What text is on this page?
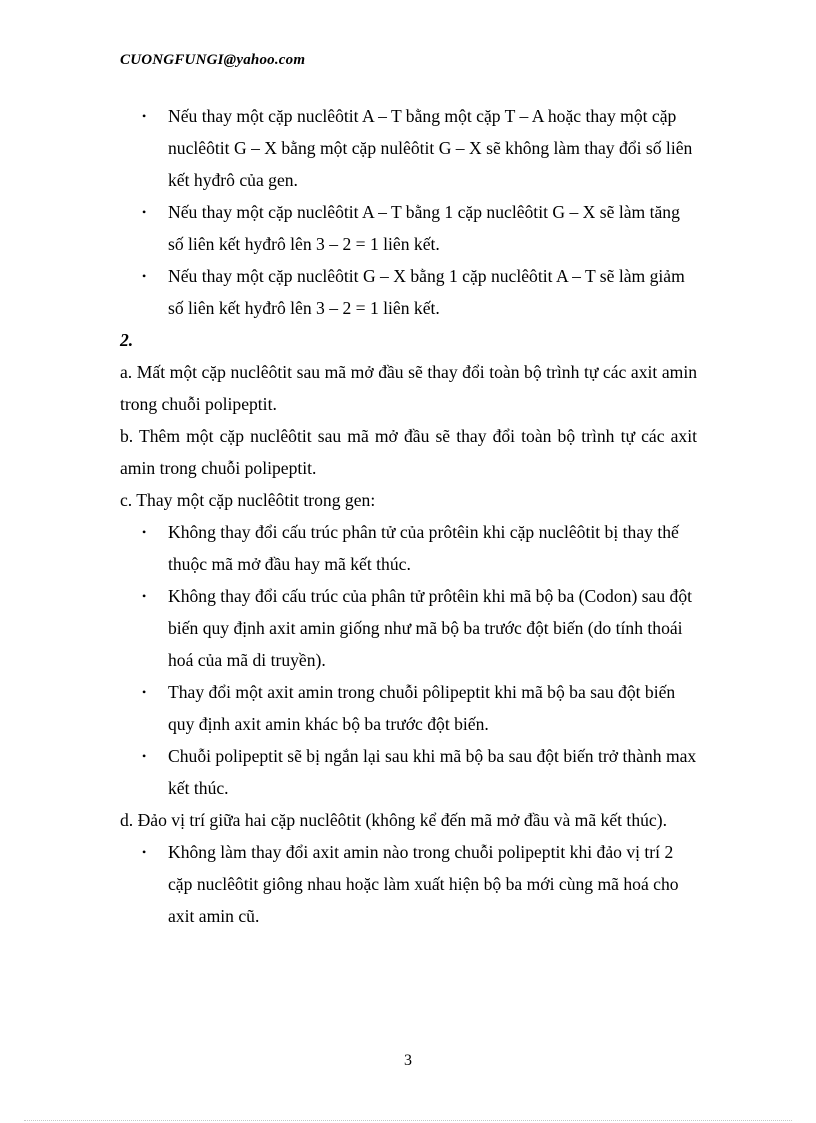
CUONGFUNGI@yahoo.com
• Nếu thay một cặp nuclêôtit A – T bằng một cặp T – A hoặc thay một cặp nuclêôtit G – X bằng một cặp nulêôtit G – X sẽ không làm thay đổi số liên kết hyđrô của gen.
• Nếu thay một cặp nuclêôtit A – T bằng 1 cặp nuclêôtit G – X sẽ làm tăng số liên kết hyđrô lên 3 – 2 = 1 liên kết.
• Nếu thay một cặp nuclêôtit G – X bằng 1 cặp nuclêôtit A – T sẽ làm giảm số liên kết hyđrô lên 3 – 2 = 1 liên kết.

2.

a. Mất một cặp nuclêôtit sau mã mở đầu sẽ thay đổi toàn bộ trình tự các axit amin trong chuỗi polipeptit.

b. Thêm một cặp nuclêôtit sau mã mở đầu sẽ thay đổi toàn bộ trình tự các axit amin trong chuỗi polipeptit.

c. Thay một cặp nuclêôtit trong gen:

• Không thay đổi cấu trúc phân tử của prôtêin khi cặp nuclêôtit bị thay thế thuộc mã mở đầu hay mã kết thúc.
• Không thay đổi cấu trúc của phân tử prôtêin khi mã bộ ba (Codon) sau đột biến quy định axit amin giống như mã bộ ba trước đột biến (do tính thoái hoá của mã di truyền).
• Thay đổi một axit amin trong chuỗi pôlipeptit khi mã bộ ba sau đột biến quy định axit amin khác bộ ba trước đột biến.
• Chuỗi polipeptit sẽ bị ngắn lại sau khi mã bộ ba sau đột biến trở thành max kết thúc.

d. Đảo vị trí giữa hai cặp nuclêôtit (không kể đến mã mở đầu và mã kết thúc).

• Không làm thay đổi axit amin nào trong chuỗi polipeptit khi đảo vị trí 2 cặp nuclêôtit giông nhau hoặc làm xuất hiện bộ ba mới cùng mã hoá cho axit amin cũ.
3
